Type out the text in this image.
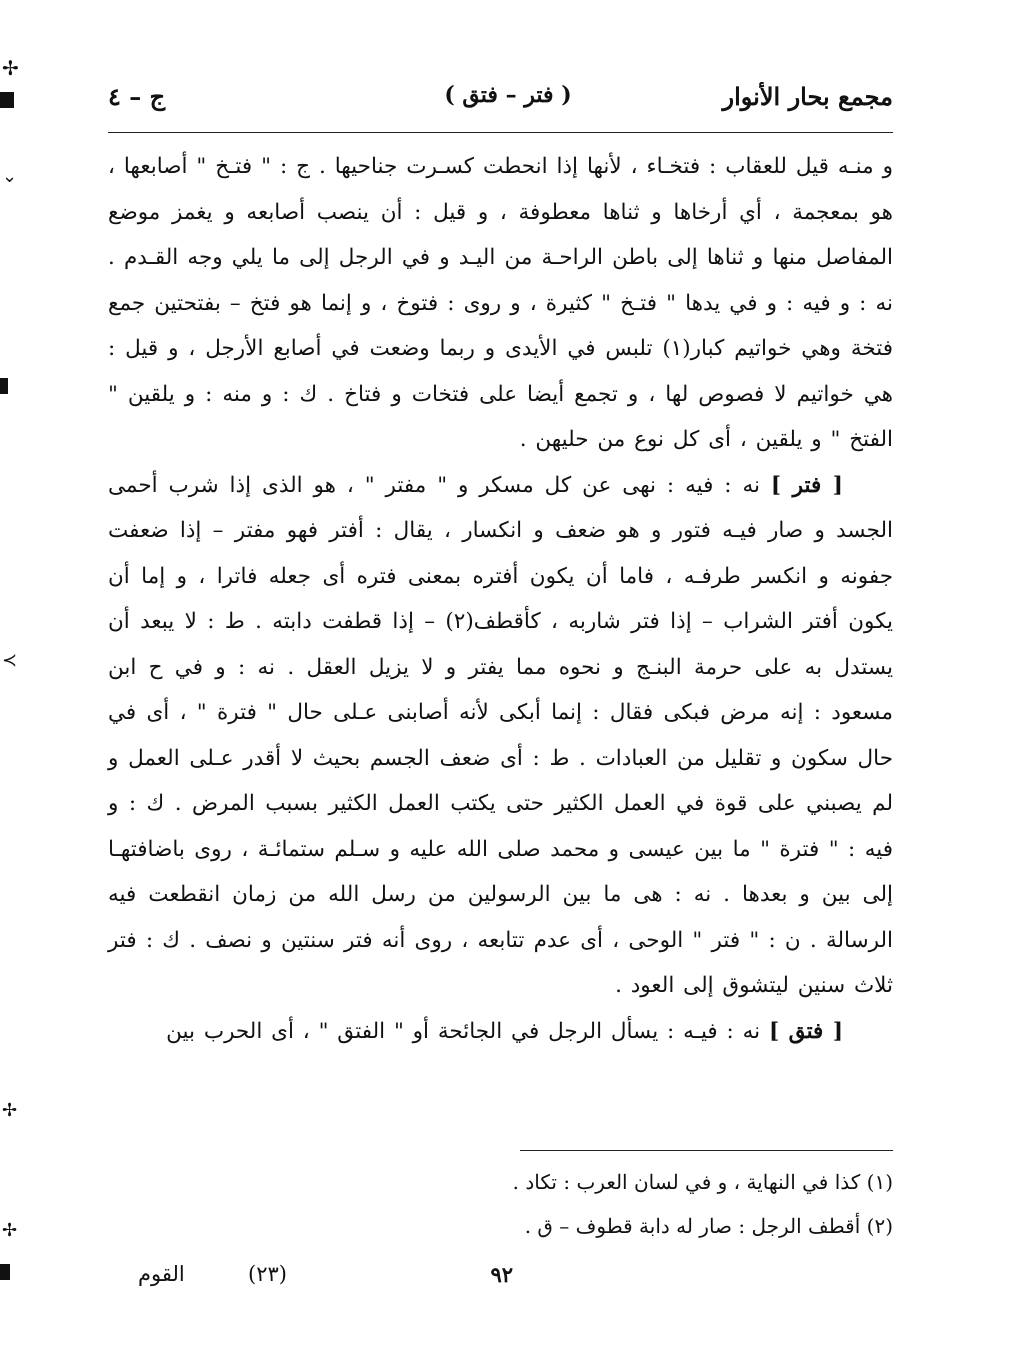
✢
⌄
≻
✢
✢
مجمع بحار الأنوار
( فتر – فتق )
ج – ٤

و منـه قيل للعقاب : فتخـاء ، لأنها إذا انحطت كسـرت جناحيها . ج : " فتـخ " أصابعها ، هو بمعجمة ، أي أرخاها و ثناها معطوفة ، و قيل : أن ينصب أصابعه و يغمز موضع المفاصل منها و ثناها إلى باطن الراحـة من اليـد و في الرجل إلى ما يلي وجه القـدم . نه : و فيه : و في يدها " فتـخ " كثيرة ، و روى : فتوخ ، و إنما هو فتخ – بفتحتين جمع فتخة وهي خواتيم كبار(١) تلبس في الأيدى و ربما وضعت في أصابع الأرجل ، و قيل : هي خواتيم لا فصوص لها ، و تجمع أيضا على فتخات و فتاخ . ك : و منه : و يلقين " الفتخ " و يلقين ، أى كل نوع من حليهن .

[ فتر ] نه : فيه : نهى عن كل مسكر و " مفتر " ، هو الذى إذا شرب أحمى الجسد و صار فيـه فتور و هو ضعف و انكسار ، يقال : أفتر فهو مفتر – إذا ضعفت جفونه و انكسر طرفـه ، فاما أن يكون أفتره بمعنى فتره أى جعله فاترا ، و إما أن يكون أفتر الشراب – إذا فتر شاربه ، كأقطف(٢) – إذا قطفت دابته . ط : لا يبعد أن يستدل به على حرمة البنـج و نحوه مما يفتر و لا يزيل العقل . نه : و في ح ابن مسعود : إنه مرض فبكى فقال : إنما أبكى لأنه أصابنى عـلى حال " فترة " ، أى في حال سكون و تقليل من العبادات . ط : أى ضعف الجسم بحيث لا أقدر عـلى العمل و لم يصبني على قوة في العمل الكثير حتى يكتب العمل الكثير بسبب المرض . ك : و فيه : " فترة " ما بين عيسى و محمد صلى الله عليه و سـلم ستمائـة ، روى باضافتهـا إلى بين و بعدها . نه : هى ما بين الرسولين من رسل الله من زمان انقطعت فيه الرسالة . ن : " فتر " الوحى ، أى عدم تتابعه ، روى أنه فتر سنتين و نصف . ك : فتر ثلاث سنين ليتشوق إلى العود .

[ فتق ] نه : فيـه : يسأل الرجل في الجائحة أو " الفتق " ، أى الحرب بين

(١) كذا في النهاية ، و في لسان العرب : تكاد .

(٢) أقطف الرجل : صار له دابة قطوف – ق .

٩٢
(٢٣)
القوم
